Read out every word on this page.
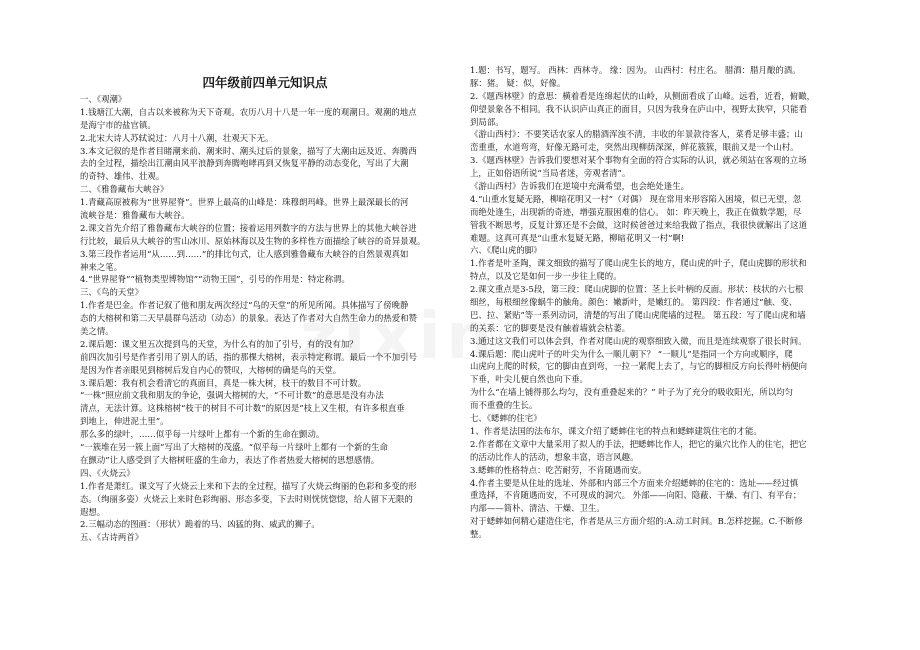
四年级前四单元知识点
一、《观潮》
1.钱塘江大潮，自古以来被称为天下奇观。农历八月十八是一年一度的观潮日。观潮的地点
是海宁市的盐官镇。
2.北宋大诗人苏轼说过：八月十八潮，壮观天下无。
3.本文记叙的是作者目睹潮来前、潮来时、潮头过后的景象，描写了大潮由远及近、奔腾西
去的全过程，描绘出江潮由风平浪静到奔腾咆哮再到又恢复平静的动态变化，写出了大潮
的奇特、雄伟、壮观。
二、《雅鲁藏布大峡谷》
1.青藏高原被称为“世界屋脊”。世界上最高的山峰是：珠穆朗玛峰。世界上最深最长的河
流峡谷是：雅鲁藏布大峡谷。
2.课文首先介绍了雅鲁藏布大峡谷的位置；接着运用列数字的方法与世界上的其他大峡谷进
行比较，最后从大峡谷的雪山冰川、原始林海以及生物的多样性方面描绘了峡谷的奇异景观。
3.第三段作者运用“从……到……”的排比句式，让人感到雅鲁藏布大峡谷的自然景观真如
神来之笔。
4.“世界屋脊”“植物类型博物馆”“动物王国”，引号的作用是：特定称谓。
三、《鸟的天堂》
1.作者是巴金。作者记叙了他和朋友两次经过“鸟的天堂”的所见所闻。具体描写了傍晚静
态的大榕树和第二天早晨群鸟活动（动态）的景象。表达了作者对大自然生命力的热爱和赞
美之情。
2.课后题：课文里五次提到鸟的天堂，为什么有的加了引号，有的没有加？
前四次加引号是作者引用了别人的话，指的那棵大榕树，表示特定称谓。最后一个不加引号
是因为作者亲眼见到榕树后发自内心的赞叹，大榕树的确是鸟的天堂。
3.课后题：我有机会看清它的真面目，真是一株大树，枝干的数目不可计数。
“一株”照应前文我和朋友的争论，强调大榕树的大，“不可计数”的意思是没有办法
清点，无法计算。这株榕树“枝干的树目不可计数”的原因是“枝上又生根，有许多根直垂
到地上，伸进泥土里”。
那么多的绿叶，……似乎每一片绿叶上都有一个新的生命在颤动。
“一簇堆在另一簇上面”写出了大榕树的茂盛。“似乎每一片绿叶上都有一个新的生命
在颤动”让人感受到了大榕树旺盛的生命力，表达了作者热爱大榕树的思想感情。
四、《火烧云》
1.作者是萧红。课文写了火烧云上来和下去的全过程，描写了火烧云绚丽的色彩和多变的形
态。（绚丽多姿）火烧云上来时色彩绚丽、形态多变，下去时则恍恍惚惚，给人留下无限的
遐想。
2.三幅动态的图画：（形状）跪着的马、凶猛的狗、威武的狮子。
五、《古诗两首》
1.题：书写，题写。 西林：西林寺。 缘：因为。 山西村：村庄名。 腊酒：腊月酿的酒。
豚：猪。 疑：似，好像。
2.《题西林壁》的意思：横着看是连绵起伏的山岭，从侧面看成了山峰。远看，近看，俯瞰，
仰望景象各不相同。我不认识庐山真正的面目，只因为我身在庐山中，视野太狭窄，只能看
到局部。
《游山西村》：不要笑话农家人的腊酒浑浊不清，丰收的年景款待客人，菜肴足够丰盛；山
峦重重，水道弯弯，好像无路可走，突然出现柳荫深深，鲜花簇簇，眼前又是一个山村。
3.《题西林壁》告诉我们要想对某个事物有全面的符合实际的认识，就必须站在客观的立场
上，正如俗语所说“当局者迷，旁观者清”。
《游山西村》告诉我们在逆境中充满希望，也会绝处逢生。
4.“山重水复疑无路，柳暗花明又一村”（对偶） 现在常用来形容陷入困境，似已无望，忽
而绝处逢生，出现新的奇迹，增强克服困难的信心。 如：昨天晚上，我正在做数学题，尽
管我不断思考，反复计算还是不会做，这时候爸爸过来给我做了指点，我很快就解出了这道
难题。这真可真是“山重水复疑无路，柳暗花明又一村”啊!
六、《爬山虎的脚》
1.作者是叶圣陶，课文细致的描写了爬山虎生长的地方，爬山虎的叶子，爬山虎脚的形状和
特点，以及它是如何一步一步往上爬的。
2.课文重点是3-5段，第三段：爬山虎脚的位置：茎上长叶柄的反面。形状：枝状的六七根
细丝，每根细丝像蜗牛的触角。颜色：嫩新叶，是嫩红的。 第四段：作者通过“触、变、
巴、拉、紧贴”等一系列动词，清楚的写出了爬山虎爬墙的过程。 第五段：写了爬山虎和墙
的关系：它的脚要是没有触着墙就会枯萎。
3.通过这文我们可以体会到，作者对爬山虎的观察细致入微，而且是连续观察了很长时间。
4.课后题：爬山虎叶子的叶尖为什么一顺儿朝下？ “一顺儿”是指同一个方向或顺序，爬
山虎向上爬的时候，它的脚由直到弯，一拉一紧爬上去了，与它的脚相反方向长得叶柄便向
下垂，叶尖儿便自然也向下垂。
为什么“在墙上铺得那么均匀，没有重叠起来的？” 叶子为了充分的吸收阳光，所以均匀
而不重叠的生长。
七、《蟋蟀的住宅》
1、作者是法国的法布尔，课文介绍了蟋蟀住宅的特点和蟋蟀建筑住宅的才能。
2.作者都在文章中大量采用了拟人的手法，把蟋蟀比作人，把它的巢穴比作人的住宅，把它
的活动比作人的活动，想象丰富，语言风趣。
3.蟋蟀的性格特点：吃苦耐劳，不肯随遇而安。
4.作者主要是从住址的选址、外部和内部三个方面来介绍蟋蟀的住宅的：选址——经过慎
重选择，不肯随遇而安，不可现成的洞穴。 外部——向阳、隐蔽、干燥、有门、有平台；
内部——简朴、清洁、干燥、卫生。
对于蟋蟀如何精心建造住宅，作者是从三方面介绍的:A.动工时间。B.怎样挖掘。C.不断修
整。
